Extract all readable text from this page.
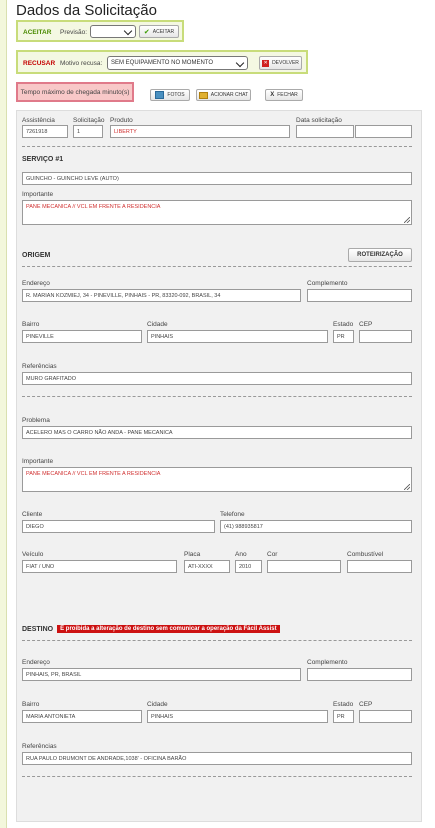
Dados da Solicitação
ACEITAR Previsão:	✔ ACEITAR
RECUSAR Motivo recusa:	SEM EQUIPAMENTO NO MOMENTO	✕ DEVOLVER
Tempo máximo de chegada minuto(s)	FOTOS	ACIONAR CHAT	X FECHAR
Assistência
7261918
Solicitação
1
Produto
LIBERTY
Data solicitação
SERVIÇO #1
GUINCHO - GUINCHO LEVE (AUTO)
Importante
PANE MECANICA // VCL EM FRENTE A RESIDENCIA
ORIGEM	ROTEIRIZAÇÃO
Endereço
R. MARIAN KOZMIEJ, 34 - PINEVILLE, PINHAIS - PR, 83320-092, BRASIL, 34
Complemento
Bairro
PINEVILLE
Cidade
PINHAIS
Estado
PR
CEP
Referências
MURO GRAFITADO
Problema
ACELERO MAS O CARRO NÃO ANDA - PANE MECANICA
Importante
PANE MECANICA // VCL EM FRENTE A RESIDENCIA
Cliente
DIEGO
Telefone
(41) 988935817
Veículo
FIAT / UNO
Placa
ATI-XXXX
Ano
2010
Cor	Combustível
DESTINO	É proibida a alteração de destino sem comunicar a operação da Fácil Assist
Endereço
PINHAIS, PR, BRASIL
Complemento
Bairro
MARIA ANTONIETA
Cidade
PINHAIS
Estado
PR
CEP
Referências
RUA PAULO DRUMONT DE ANDRADE,1038' - OFICINA BARÃO
